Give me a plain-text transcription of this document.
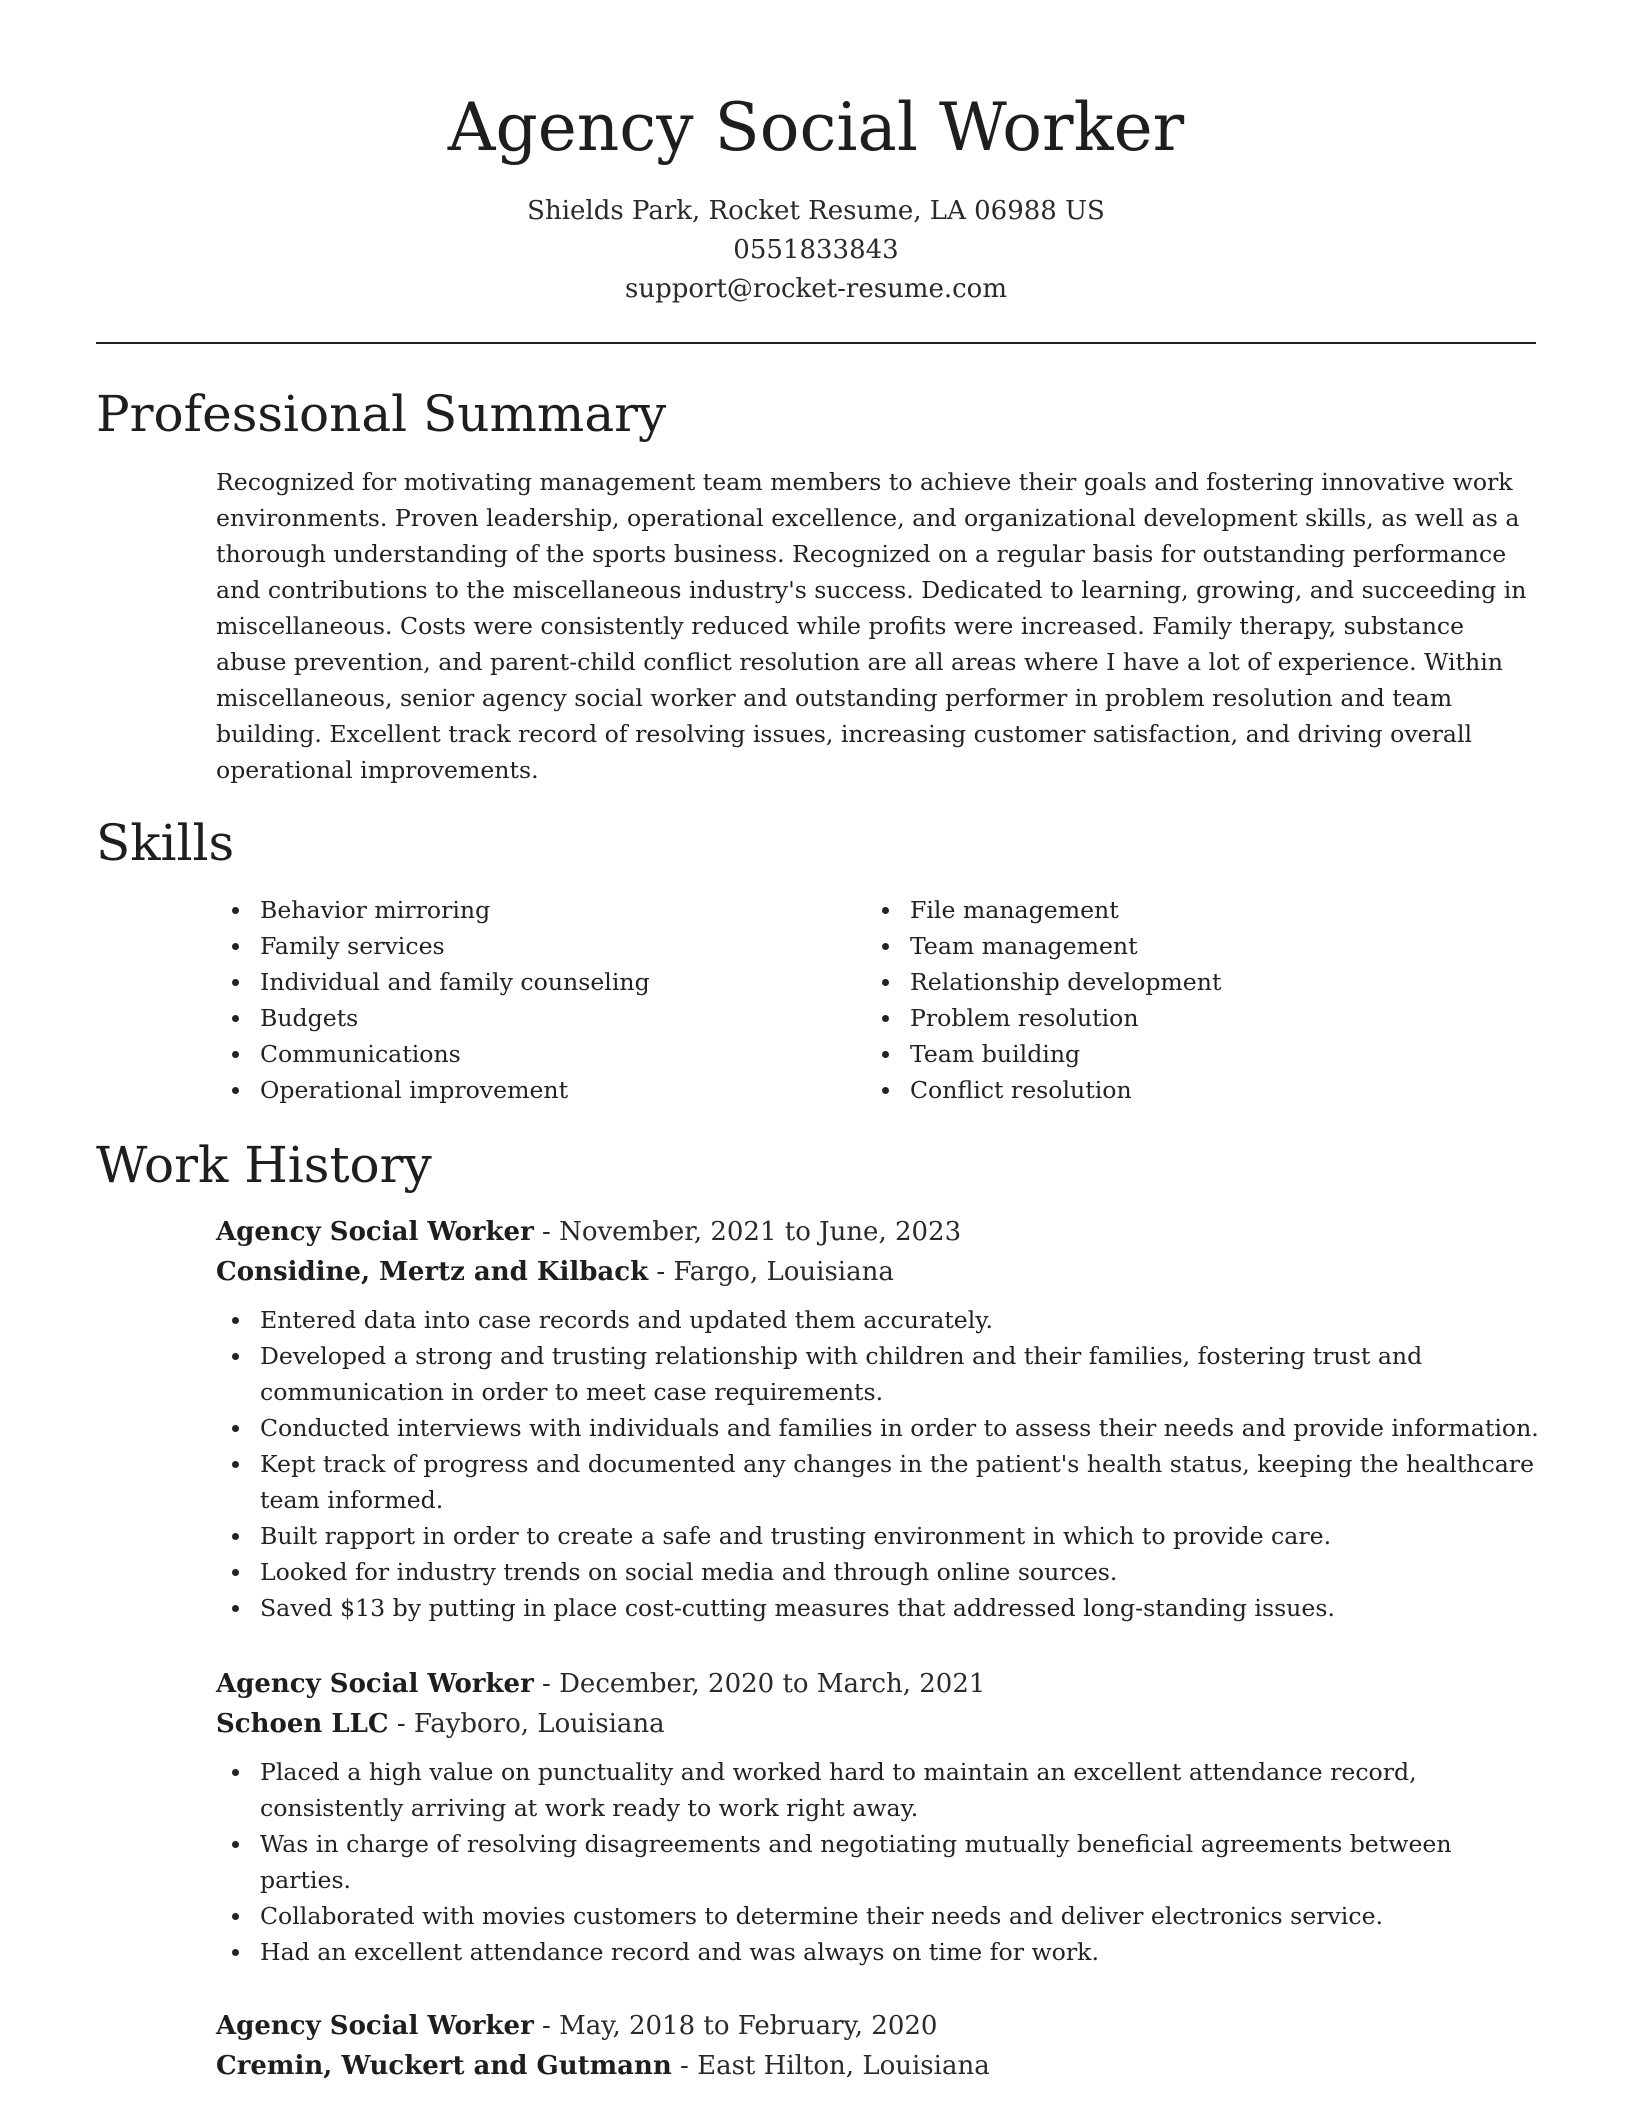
Agency Social Worker
Shields Park, Rocket Resume, LA 06988 US
0551833843
support@rocket-resume.com
Professional Summary

Recognized for motivating management team members to achieve their goals and fostering innovative work environments. Proven leadership, operational excellence, and organizational development skills, as well as a thorough understanding of the sports business. Recognized on a regular basis for outstanding performance and contributions to the miscellaneous industry's success. Dedicated to learning, growing, and succeeding in miscellaneous. Costs were consistently reduced while profits were increased. Family therapy, substance abuse prevention, and parent-child conflict resolution are all areas where I have a lot of experience. Within miscellaneous, senior agency social worker and outstanding performer in problem resolution and team building. Excellent track record of resolving issues, increasing customer satisfaction, and driving overall operational improvements.

Skills
Behavior mirroring
Family services
Individual and family counseling
Budgets
Communications
Operational improvement
File management
Team management
Relationship development
Problem resolution
Team building
Conflict resolution
Work History
Agency Social Worker - November, 2021 to June, 2023
Considine, Mertz and Kilback - Fargo, Louisiana
Entered data into case records and updated them accurately.
Developed a strong and trusting relationship with children and their families, fostering trust and communication in order to meet case requirements.
Conducted interviews with individuals and families in order to assess their needs and provide information.
Kept track of progress and documented any changes in the patient's health status, keeping the healthcare team informed.
Built rapport in order to create a safe and trusting environment in which to provide care.
Looked for industry trends on social media and through online sources.
Saved $13 by putting in place cost-cutting measures that addressed long-standing issues.
Agency Social Worker - December, 2020 to March, 2021
Schoen LLC - Fayboro, Louisiana
Placed a high value on punctuality and worked hard to maintain an excellent attendance record, consistently arriving at work ready to work right away.
Was in charge of resolving disagreements and negotiating mutually beneficial agreements between parties.
Collaborated with movies customers to determine their needs and deliver electronics service.
Had an excellent attendance record and was always on time for work.
Agency Social Worker - May, 2018 to February, 2020
Cremin, Wuckert and Gutmann - East Hilton, Louisiana
